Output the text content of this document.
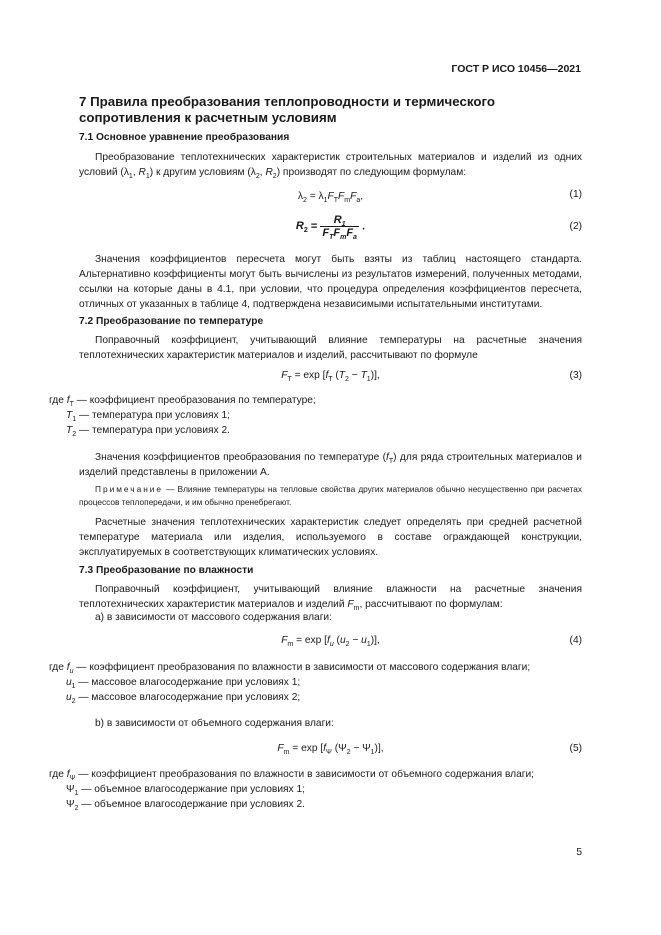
ГОСТ Р ИСО 10456—2021
7 Правила преобразования теплопроводности и термического сопротивления к расчетным условиям
7.1 Основное уравнение преобразования
Преобразование теплотехнических характеристик строительных материалов и изделий из одних условий ($\lambda_1$, $R_1$) к другим условиям ($\lambda_2$, $R_2$) производят по следующим формулам:
$\lambda_2 = \lambda_1F_TF_mF_a$,	(1)
$R_2 = \frac{R_1}{F_TF_mF_a}$ .	(2)
Значения коэффициентов пересчета могут быть взяты из таблиц настоящего стандарта. Альтернативно коэффициенты могут быть вычислены из результатов измерений, полученных методами, ссылки на которые даны в 4.1, при условии, что процедура определения коэффициентов пересчета, отличных от указанных в таблице 4, подтверждена независимыми испытательными институтами.
7.2 Преобразование по температуре
Поправочный коэффициент, учитывающий влияние температуры на расчетные значения теплотехнических характеристик материалов и изделий, рассчитывают по формуле
$F_T = \exp [f_T$ $(T_2 - T_1)$],	(3)
где $f_T$ — коэффициент преобразования по температуре;
$T_1$ — температура при условиях 1;
$T_2$ — температура при условиях 2.
Значения коэффициентов преобразования по температуре $(f_T)$ для ряда строительных материалов и изделий представлены в приложении А.
Примечание — Влияние температуры на тепловые свойства других материалов обычно несущественно при расчетах процессов теплопередачи, и им обычно пренебрегают.
Расчетные значения теплотехнических характеристик следует определять при средней расчетной температуре материала или изделия, используемого в составе ограждающей конструкции, эксплуатируемых в соответствующих климатических условиях.
7.3 Преобразование по влажности
Поправочный коэффициент, учитывающий влияние влажности на расчетные значения теплотехнических характеристик материалов и изделий $F_m$, рассчитывают по формулам:
а) в зависимости от массового содержания влаги:
$F_m = \exp [f_u$ $(u_2 - u_1)$],	(4)
где $f_u$ — коэффициент преобразования по влажности в зависимости от массового содержания влаги;
$u_1$ — массовое влагосодержание при условиях 1;
$u_2$ — массовое влагосодержание при условиях 2;
b) в зависимости от объемного содержания влаги:
$F_m = \exp [f_\Psi$ $(\Psi_2 - \Psi_1)$],	(5)
где $f_\Psi$ — коэффициент преобразования по влажности в зависимости от объемного содержания влаги;
$\Psi_1$ — объемное влагосодержание при условиях 1;
$\Psi_2$ — объемное влагосодержание при условиях 2.
5
